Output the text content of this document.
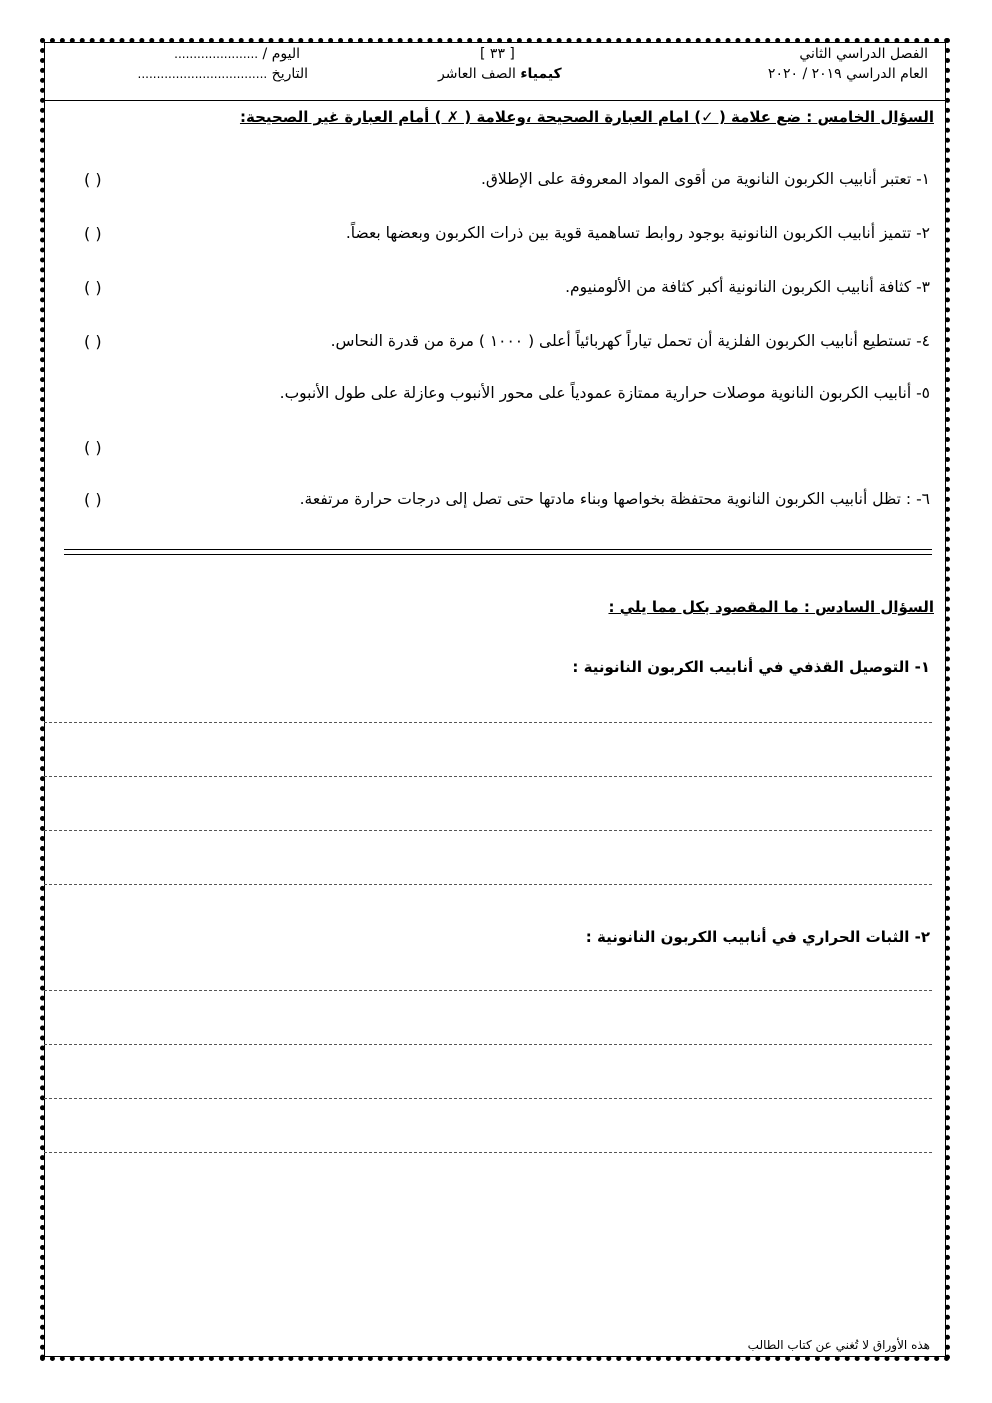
الفصل الدراسي الثاني
العام الدراسي ٢٠١٩ / ٢٠٢٠
[ ٣٣ ]
كيمياء الصف العاشر
اليوم / ......................
التاريخ ..................................
السؤال الخامس : ضع علامة ( ✓) امام العبارة الصحيحة ،وعلامة ( ✗ ) أمام العبارة غير الصحيحة:
١- تعتبر أنابيب الكربون النانوية من أقوى المواد المعروفة على الإطلاق.
( )
٢- تتميز أنابيب الكربون النانونية بوجود روابط تساهمية قوية بين ذرات الكربون وبعضها بعضاً.
( )
٣- كثافة أنابيب الكربون النانونية أكبر كثافة من الألومنيوم.
( )
٤- تستطيع أنابيب الكربون الفلزية أن تحمل تياراً كهربائياً أعلى ( ١٠٠٠ ) مرة من قدرة النحاس.
( )
٥- أنابيب الكربون النانوية موصلات حرارية ممتازة عمودياً على محور الأنبوب وعازلة على طول الأنبوب.
( )
٦- : تظل أنابيب الكربون النانوية محتفظة بخواصها وبناء مادتها حتى تصل إلى درجات حرارة مرتفعة.
( )
السؤال السادس : ما المقصود بكل مما يلي :
١- التوصيل القذفي في أنابيب الكربون النانونية :
٢- الثبات الحراري في أنابيب الكربون النانونية :
هذه الأوراق لا تُغني عن كتاب الطالب
